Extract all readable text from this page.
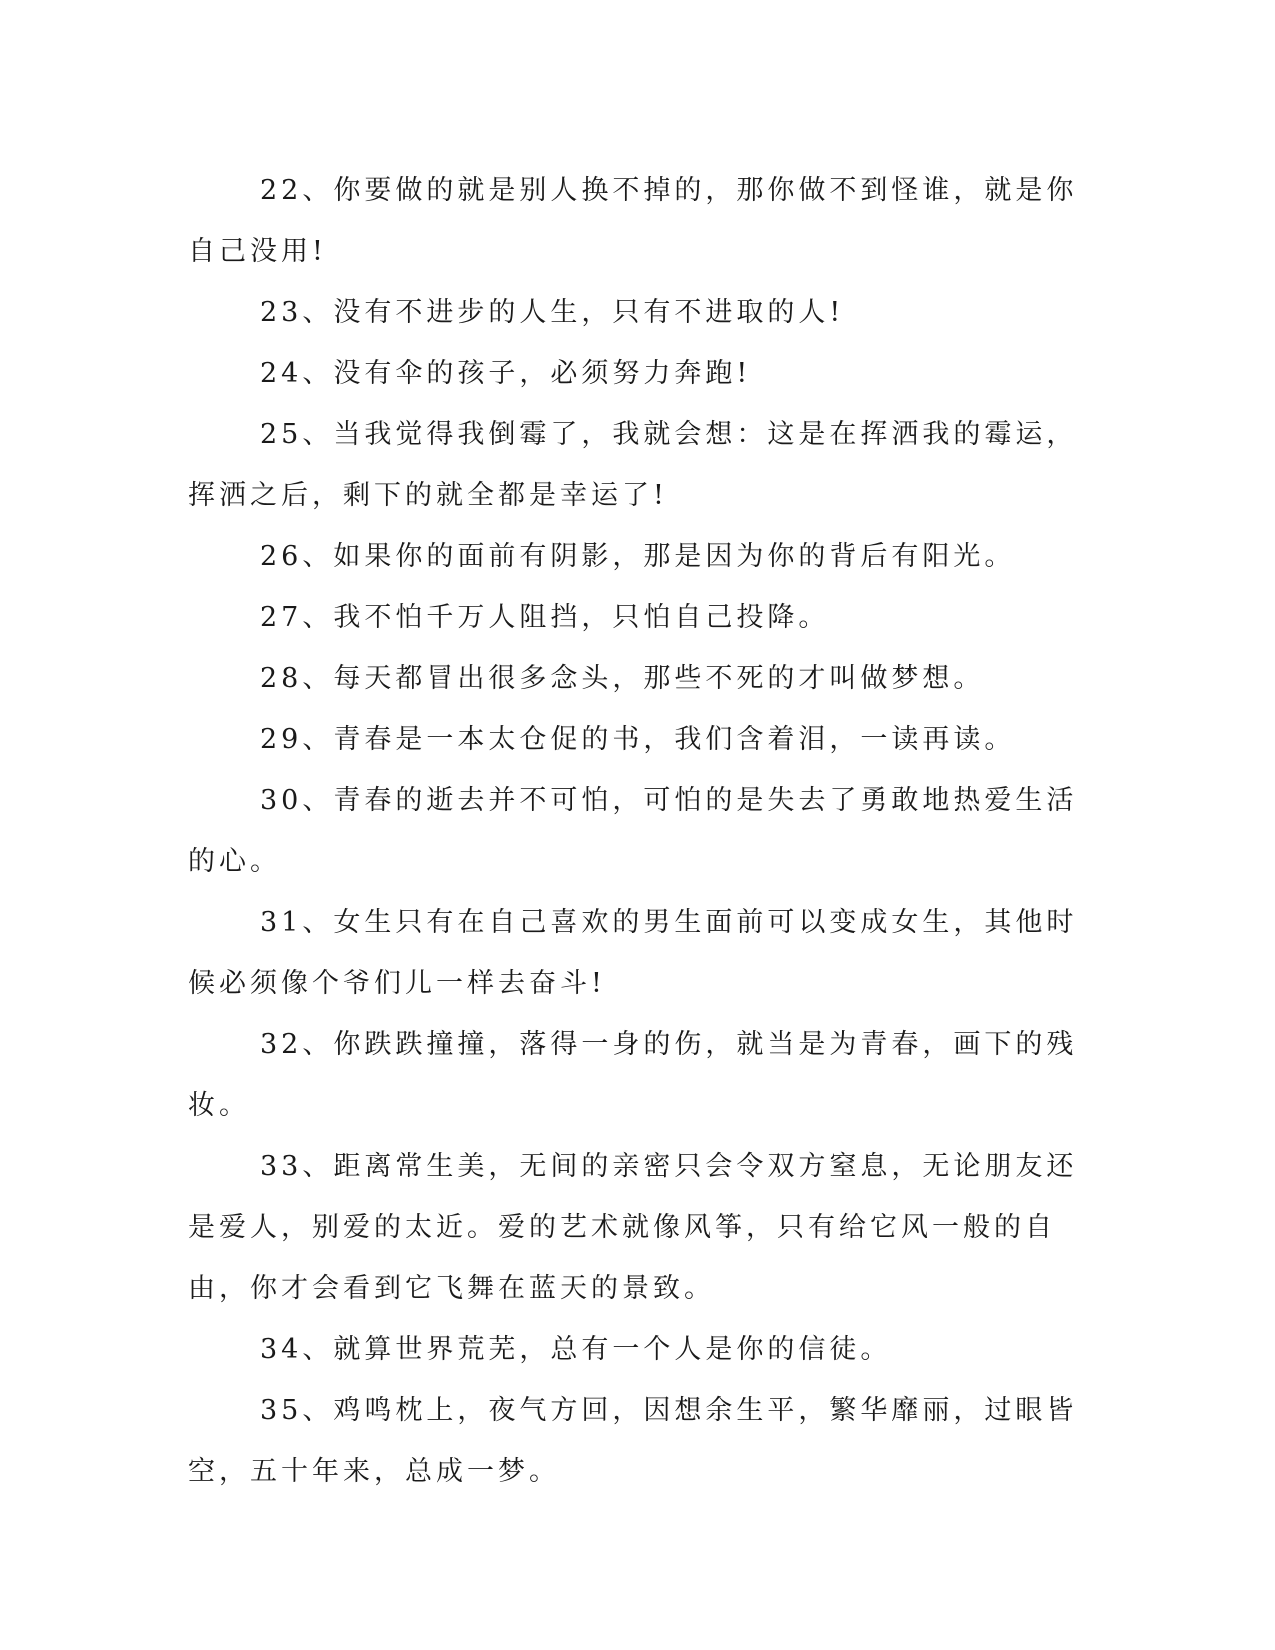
22、你要做的就是别人换不掉的，那你做不到怪谁，就是你自己没用!

23、没有不进步的人生，只有不进取的人!

24、没有伞的孩子，必须努力奔跑!

25、当我觉得我倒霉了，我就会想：这是在挥洒我的霉运，挥洒之后，剩下的就全都是幸运了!

26、如果你的面前有阴影，那是因为你的背后有阳光。

27、我不怕千万人阻挡，只怕自己投降。

28、每天都冒出很多念头，那些不死的才叫做梦想。

29、青春是一本太仓促的书，我们含着泪，一读再读。

30、青春的逝去并不可怕，可怕的是失去了勇敢地热爱生活的心。

31、女生只有在自己喜欢的男生面前可以变成女生，其他时候必须像个爷们儿一样去奋斗!

32、你跌跌撞撞，落得一身的伤，就当是为青春，画下的残妆。

33、距离常生美，无间的亲密只会令双方窒息，无论朋友还是爱人，别爱的太近。爱的艺术就像风筝，只有给它风一般的自由，你才会看到它飞舞在蓝天的景致。

34、就算世界荒芜，总有一个人是你的信徒。

35、鸡鸣枕上，夜气方回，因想余生平，繁华靡丽，过眼皆空，五十年来，总成一梦。
